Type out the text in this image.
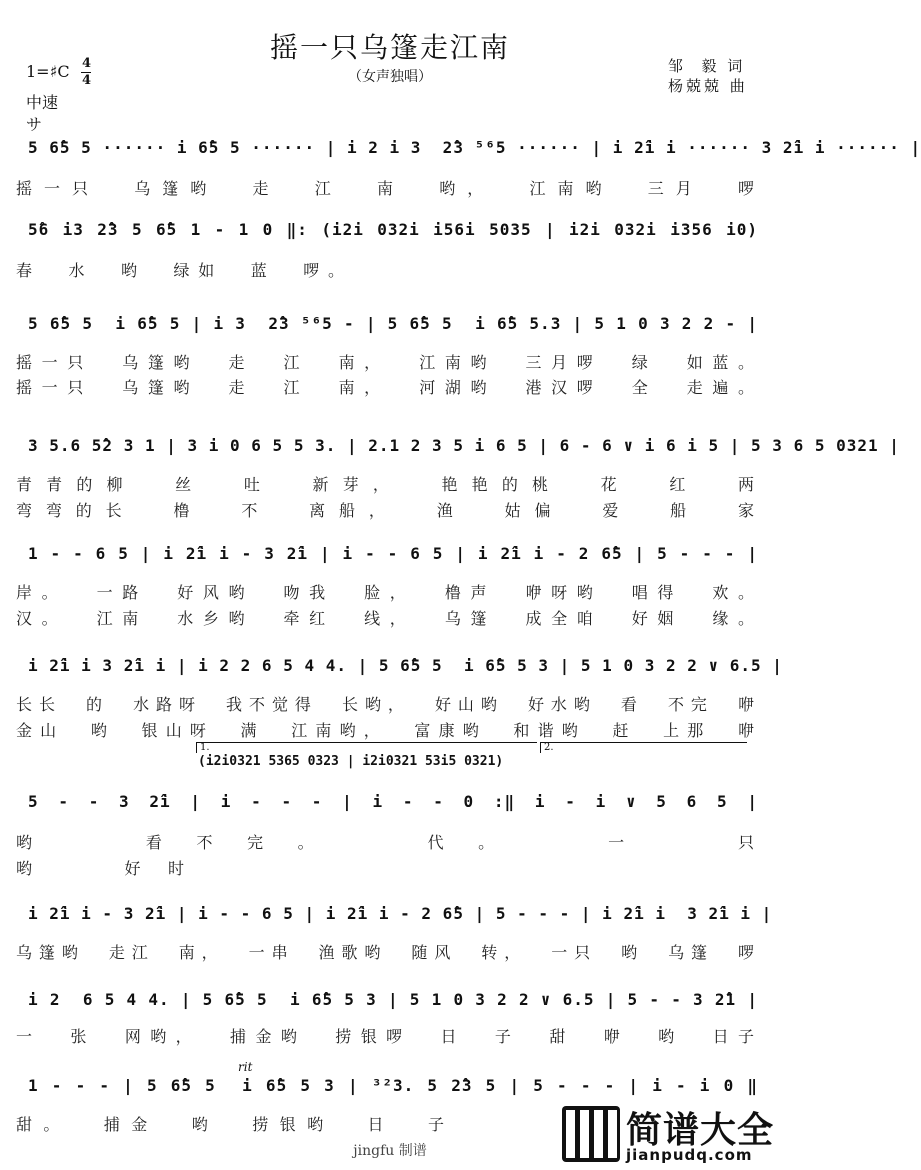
摇一只乌篷走江南
（女声独唱）
1=♯C 4
4
中速
サ
邹  毅 词
杨兢兢 曲
5 6̂5 5 ······ i 6̂5 5 ······ | i 2 i 3  2̂3 ⁵⁶5 ······ | i 2̂i i ······ 3 2̂i i ······ |
摇一只  乌篷哟  走  江  南  哟，  江南哟  三月  啰
5̂6 i3 2̂3 5 6̂5 1 - 1 0 ‖: (i2i 032i i56i 5035 | i2i 032i i356 i0)
春  水  哟  绿如  蓝  啰。
5 6̂5 5  i 6̂5 5 | i 3  2̂3 ⁵⁶5 - | 5 6̂5 5  i 6̂5 5.3 | 5 1 0 3 2 2 - |
摇一只  乌篷哟  走  江  南，  江南哟  三月啰  绿  如蓝。
摇一只  乌篷哟  走  江  南，  河湖哟  港汉啰  全  走遍。
3 5.6 5̂2 3 1 | 3 i 0 6 5 5 3. | 2.1 2 3 5 i 6 5 | 6 - 6 ∨ i 6 i 5 | 5 3 6 5 0321 |
青青的柳  丝  吐  新芽，  艳艳的桃  花  红  两
弯弯的长  橹  不  离船，  渔  姑偏  爱  船  家
1 - - 6 5 | i 2̂i i - 3 2̂i | i - - 6 5 | i 2̂i i - 2 6̂5 | 5 - - - |
岸。  一路  好风哟  吻我  脸，  橹声  咿呀哟  唱得  欢。
汉。  江南  水乡哟  牵红  线，  乌篷  成全咱  好姻  缘。
i 2̂i i 3 2̂i i | i 2 2 6 5 4 4. | 5 6̂5 5  i 6̂5 5 3 | 5 1 0 3 2 2 ∨ 6.5 |
长长  的  水路呀  我不觉得  长哟，  好山哟  好水哟  看  不完  咿
金山  哟  银山呀  满  江南哟，  富康哟  和谐哟  赶  上那  咿
1.	2.
(i2i0321 5365 0323 | i2i0321 53i5 0321)
5 - - 3 2̂i | i - - - | i - - 0 :‖ i - i ∨ 5 6 5 |
哟  看不完。  代。  一  只
哟  好时
i 2̂i i - 3 2̂i | i - - 6 5 | i 2̂i i - 2 6̂5 | 5 - - - | i 2̂i i  3 2̂i i |
乌篷哟  走江  南，  一串  渔歌哟  随风  转，  一只  哟  乌篷  啰
i 2  6 5 4 4. | 5 6̂5 5  i 6̂5 5 3 | 5 1 0 3 2 2 ∨ 6.5 | 5 - - 3 2̂1 |
一  张  网哟，  捕金哟  捞银啰  日  子  甜  咿  哟  日子
rit
1 - - - | 5 6̂5 5  i 6̂5 5 3 | ³²3. 5 2̂3 5 | 5 - - - | i - i 0 ‖
甜。  捕金  哟  捞银哟  日  子
jingfu 制谱	简谱大全
jianpudq.com
